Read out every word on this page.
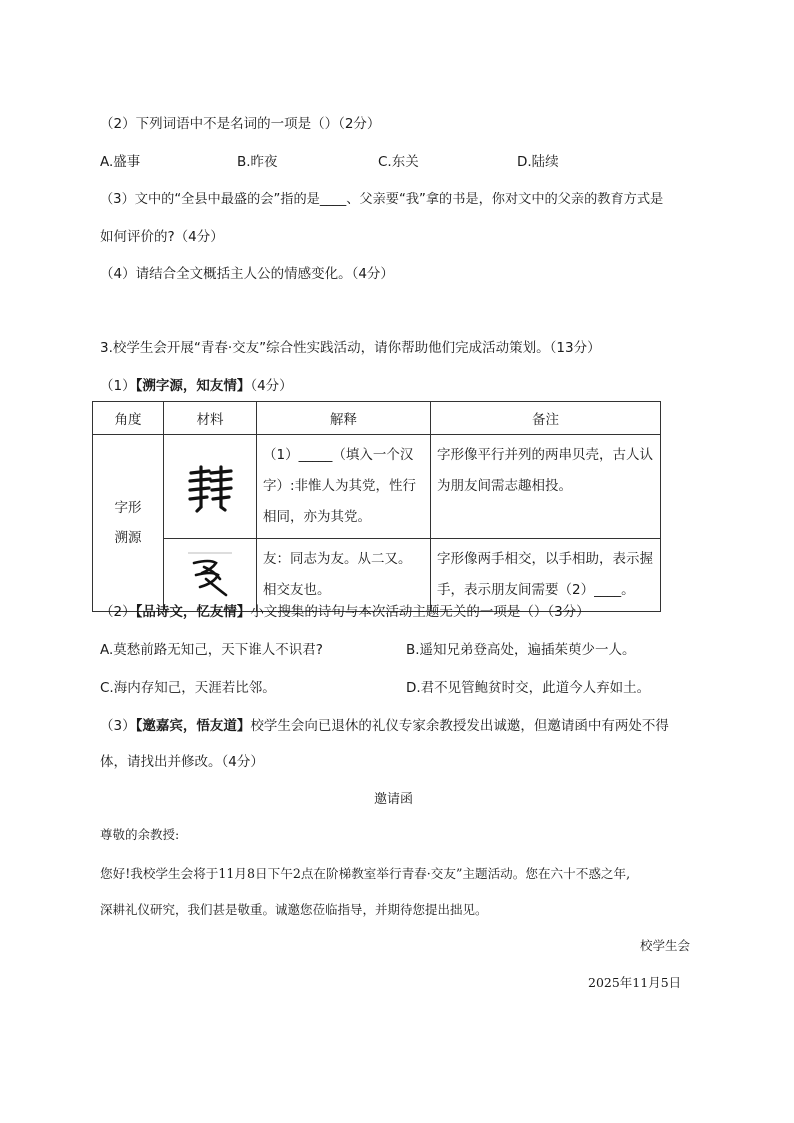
（2）下列词语中不是名词的一项是（）（2分）
A.盛事	B.昨夜	C.东关	D.陆续
（3）文中的“全县中最盛的会”指的是____、父亲要“我”拿的书是，你对文中的父亲的教育方式是
如何评价的?（4分）
（4）请结合全文概括主人公的情感变化。（4分）
3.校学生会开展“青春·交友”综合性实践活动，请你帮助他们完成活动策划。（13分）
（1）【溯字源，知友情】（4分）
角度	材料	解释	备注

字形
溯源		（1）_____（填入一个汉字）:非惟人为其党，性行相同，亦为其党。	字形像平行并列的两串贝壳，古人认为朋友间需志趣相投。

友：同志为友。从二又。相交友也。	字形像两手相交，以手相助，表示握手，表示朋友间需要（2）____。
（2）【品诗文，忆友情】小文搜集的诗句与本次活动主题无关的一项是（）（3分）
A.莫愁前路无知己，天下谁人不识君?	B.遥知兄弟登高处，遍插茱萸少一人。
C.海内存知己，天涯若比邻。	D.君不见管鲍贫时交，此道今人弃如土。
（3）【邀嘉宾，悟友道】校学生会向已退休的礼仪专家余教授发出诚邀，但邀请函中有两处不得
体，请找出并修改。（4分）
邀请函
尊敬的余教授:
您好!我校学生会将于11月8日下午2点在阶梯教室举行青春·交友”主题活动。您在六十不惑之年,
深耕礼仪研究，我们甚是敬重。诚邀您莅临指导，并期待您提出拙见。
校学生会
2025年11月5日
